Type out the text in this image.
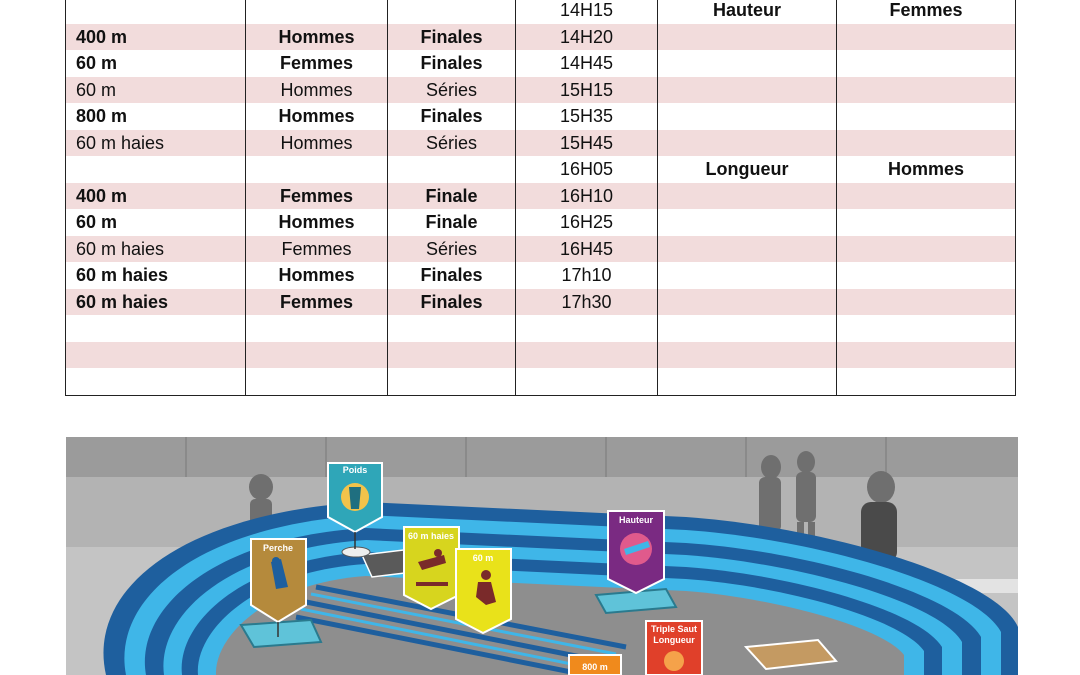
			14H15	Hauteur	Femmes
400 m	Hommes	Finales	14H20		
60 m	Femmes	Finales	14H45		
60 m	Hommes	Séries	15H15		
800 m	Hommes	Finales	15H35		
60 m haies	Hommes	Séries	15H45		
			16H05	Longueur	Hommes
400 m	Femmes	Finale	16H10		
60 m	Hommes	Finale	16H25		
60 m haies	Femmes	Séries	16H45		
60 m haies	Hommes	Finales	17h10		
60 m haies	Femmes	Finales	17h30		

Poids
Perche
60 m haies
60 m
Hauteur
Triple Saut
Longueur
800 m
